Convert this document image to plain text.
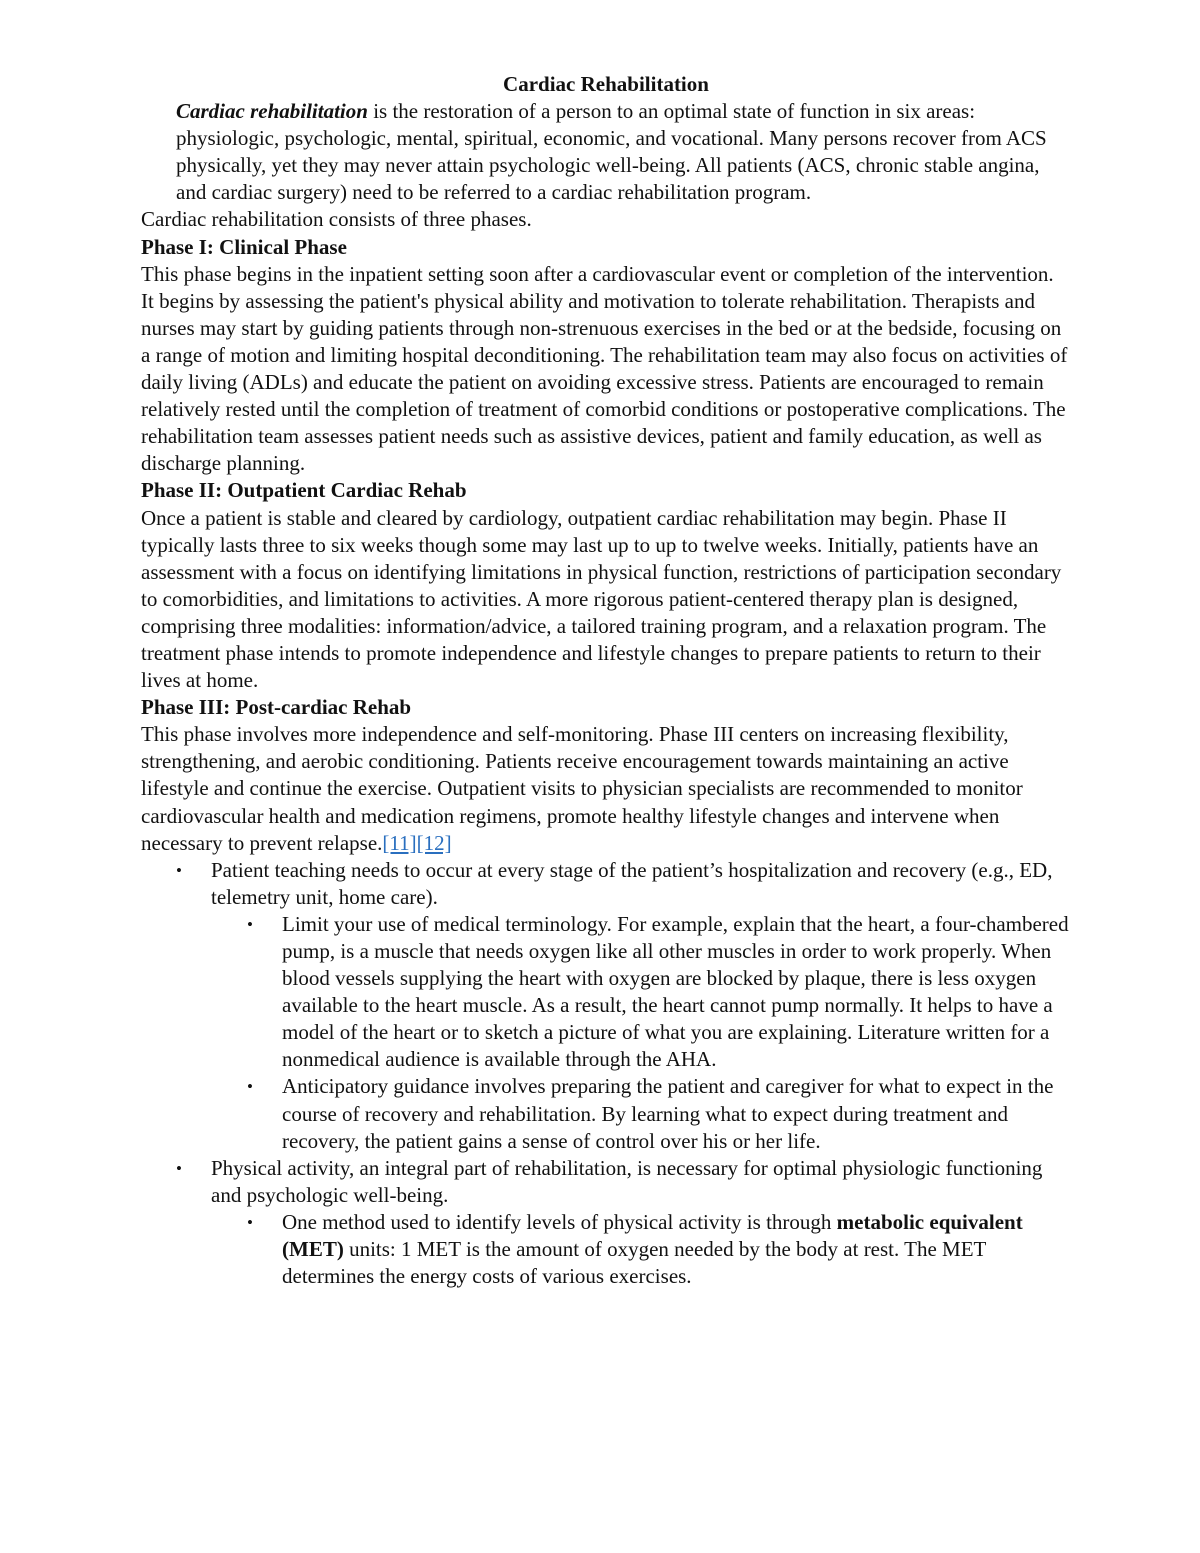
Cardiac Rehabilitation

Cardiac rehabilitation is the restoration of a person to an optimal state of function in six areas: physiologic, psychologic, mental, spiritual, economic, and vocational. Many persons recover from ACS physically, yet they may never attain psychologic well-being. All patients (ACS, chronic stable angina, and cardiac surgery) need to be referred to a cardiac rehabilitation program.

Cardiac rehabilitation consists of three phases.

Phase I: Clinical Phase

This phase begins in the inpatient setting soon after a cardiovascular event or completion of the intervention. It begins by assessing the patient's physical ability and motivation to tolerate rehabilitation. Therapists and nurses may start by guiding patients through non-strenuous exercises in the bed or at the bedside, focusing on a range of motion and limiting hospital deconditioning. The rehabilitation team may also focus on activities of daily living (ADLs) and educate the patient on avoiding excessive stress. Patients are encouraged to remain relatively rested until the completion of treatment of comorbid conditions or postoperative complications. The rehabilitation team assesses patient needs such as assistive devices, patient and family education, as well as discharge planning.

Phase II: Outpatient Cardiac Rehab

Once a patient is stable and cleared by cardiology, outpatient cardiac rehabilitation may begin. Phase II typically lasts three to six weeks though some may last up to up to twelve weeks. Initially, patients have an assessment with a focus on identifying limitations in physical function, restrictions of participation secondary to comorbidities, and limitations to activities. A more rigorous patient-centered therapy plan is designed, comprising three modalities: information/advice, a tailored training program, and a relaxation program. The treatment phase intends to promote independence and lifestyle changes to prepare patients to return to their lives at home.

Phase III: Post-cardiac Rehab

This phase involves more independence and self-monitoring. Phase III centers on increasing flexibility, strengthening, and aerobic conditioning. Patients receive encouragement towards maintaining an active lifestyle and continue the exercise. Outpatient visits to physician specialists are recommended to monitor cardiovascular health and medication regimens, promote healthy lifestyle changes and intervene when necessary to prevent relapse.[11][12]

• Patient teaching needs to occur at every stage of the patient’s hospitalization and recovery (e.g., ED, telemetry unit, home care).
• Limit your use of medical terminology. For example, explain that the heart, a four-chambered pump, is a muscle that needs oxygen like all other muscles in order to work properly. When blood vessels supplying the heart with oxygen are blocked by plaque, there is less oxygen available to the heart muscle. As a result, the heart cannot pump normally. It helps to have a model of the heart or to sketch a picture of what you are explaining. Literature written for a nonmedical audience is available through the AHA.
• Anticipatory guidance involves preparing the patient and caregiver for what to expect in the course of recovery and rehabilitation. By learning what to expect during treatment and recovery, the patient gains a sense of control over his or her life.
• Physical activity, an integral part of rehabilitation, is necessary for optimal physiologic functioning and psychologic well-being.
• One method used to identify levels of physical activity is through metabolic equivalent (MET) units: 1 MET is the amount of oxygen needed by the body at rest. The MET determines the energy costs of various exercises.
